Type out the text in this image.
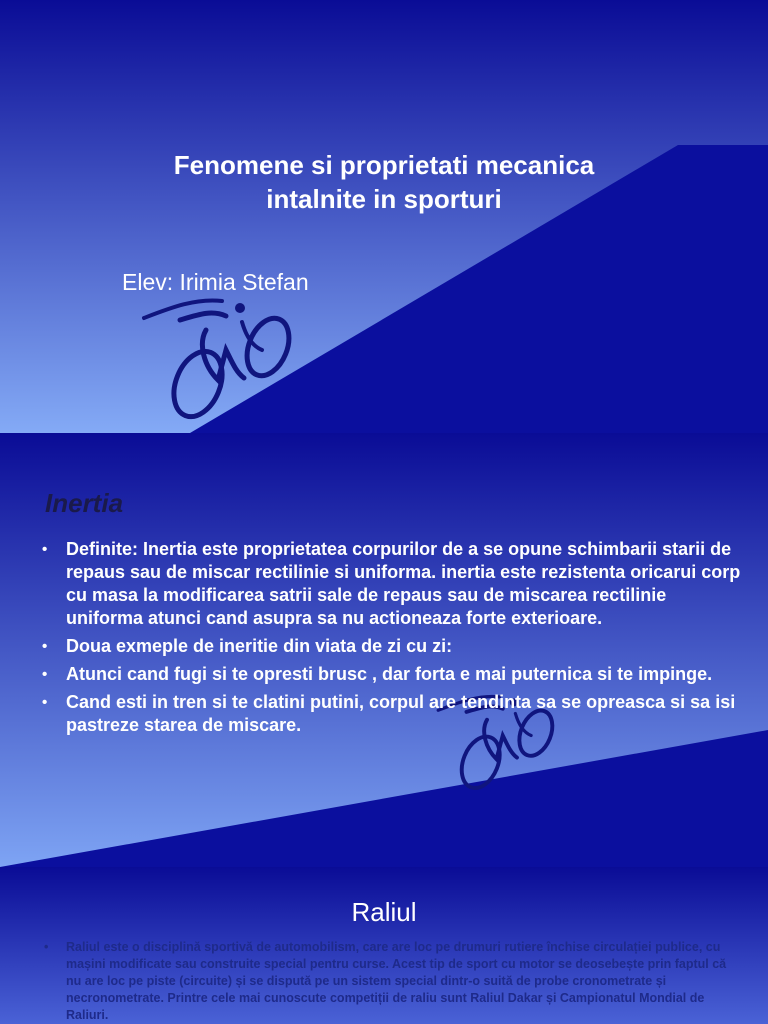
Fenomene si proprietati mecanica
intalnite in sporturi
Elev: Irimia Stefan
Inertia
• Definite: Inertia este proprietatea corpurilor de a se opune schimbarii starii de repaus sau de miscar rectilinie si uniforma. inertia este rezistenta oricarui corp cu masa la modificarea satrii sale de repaus sau de miscarea rectilinie uniforma atunci cand asupra sa nu actioneaza forte exterioare.
• Doua exmeple de ineritie din viata de zi cu zi:
• Atunci cand fugi si te opresti brusc , dar forta e mai puternica si te impinge.
• Cand esti in tren si te clatini putini, corpul are tendinta sa se opreasca si sa isi pastreze starea de miscare.
Raliul
• Raliul este o disciplină sportivă de automobilism, care are loc pe drumuri rutiere închise circulației publice, cu mașini modificate sau construite special pentru curse. Acest tip de sport cu motor se deosebește prin faptul că nu are loc pe piste (circuite) și se dispută pe un sistem special dintr-o suită de probe cronometrate și necronometrate. Printre cele mai cunoscute competiții de raliu sunt Raliul Dakar și Campionatul Mondial de Raliuri.
